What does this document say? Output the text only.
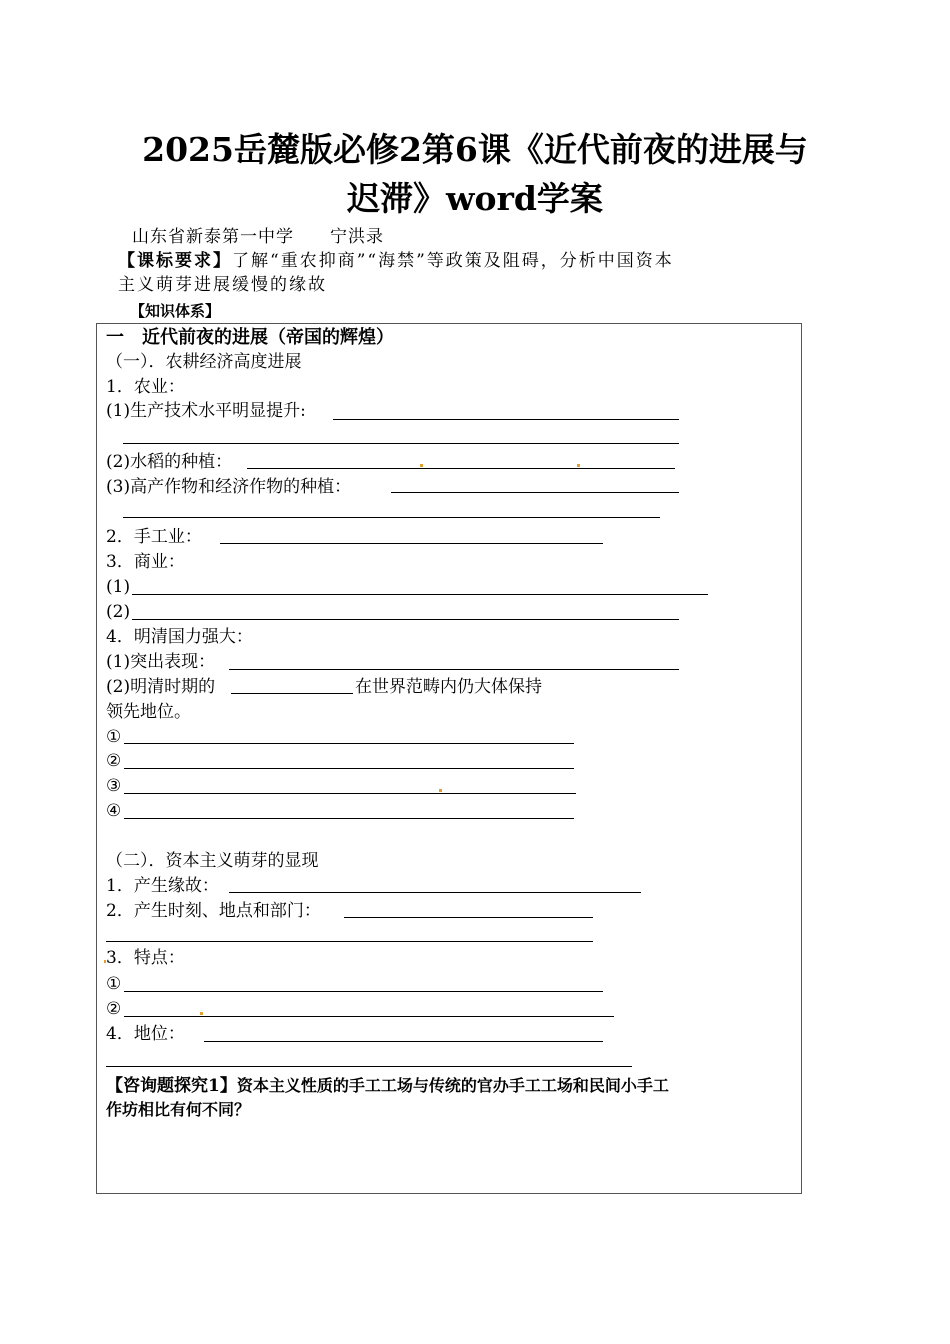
2025岳麓版必修2第6课《近代前夜的进展与
迟滞》word学案
山东省新泰第一中学　　宁洪录
【课标要求】了解“重农抑商”“海禁”等政策及阻碍，分析中国资本
主义萌芽进展缓慢的缘故
【知识体系】
一　近代前夜的进展（帝国的辉煌）
（一）．农耕经济高度进展
1．农业：
(1)生产技术水平明显提升:
(2)水稻的种植：
(3)高产作物和经济作物的种植：
2．手工业：
3．商业：
(1)
(2)
4．明清国力强大：
(1)突出表现：
(2)明清时期的	在世界范畴内仍大体保持
领先地位。
①
②
③
④
（二）．资本主义萌芽的显现
1．产生缘故：
2．产生时刻、地点和部门：
3．特点：
①
②
4．地位：
【咨询题探究1】资本主义性质的手工工场与传统的官办手工工场和民间小手工
作坊相比有何不同？
